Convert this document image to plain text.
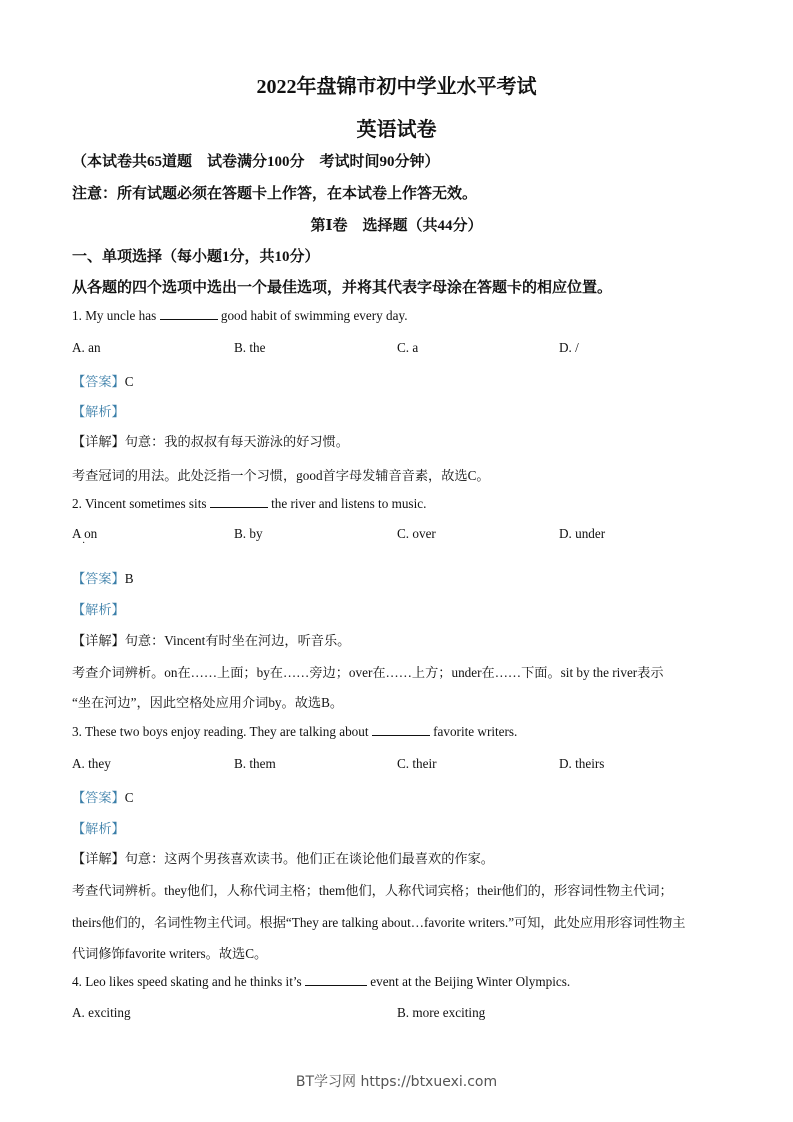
2022年盘锦市初中学业水平考试
英语试卷
（本试卷共65道题　试卷满分100分　考试时间90分钟）
注意：所有试题必须在答题卡上作答，在本试卷上作答无效。
第Ⅰ卷　选择题（共44分）
一、单项选择（每小题1分，共10分）
从各题的四个选项中选出一个最佳选项，并将其代表字母涂在答题卡的相应位置。
1. My uncle has	good habit of swimming every day.
A. an	B. the	C. a	D. /
【答案】C
【解析】
【详解】句意：我的叔叔有每天游泳的好习惯。
考查冠词的用法。此处泛指一个习惯，good首字母发辅音音素，故选C。
2. Vincent sometimes sits	the river and listens to music.
A on
·
B. by	C. over	D. under
【答案】B
【解析】
【详解】句意：Vincent有时坐在河边，听音乐。
考查介词辨析。on在……上面；by在……旁边；over在……上方；under在……下面。sit by the river表示
“坐在河边”，因此空格处应用介词by。故选B。
3. These two boys enjoy reading. They are talking about	favorite writers.
A. they	B. them	C. their	D. theirs
【答案】C
【解析】
【详解】句意：这两个男孩喜欢读书。他们正在谈论他们最喜欢的作家。
考查代词辨析。they他们，人称代词主格；them他们，人称代词宾格；their他们的，形容词性物主代词；
theirs他们的，名词性物主代词。根据“They are talking about…favorite writers.”可知，此处应用形容词性物主
代词修饰favorite writers。故选C。
4. Leo likes speed skating and he thinks it’s	event at the Beijing Winter Olympics.
A. exciting	B. more exciting
BT学习网 https://btxuexi.com
